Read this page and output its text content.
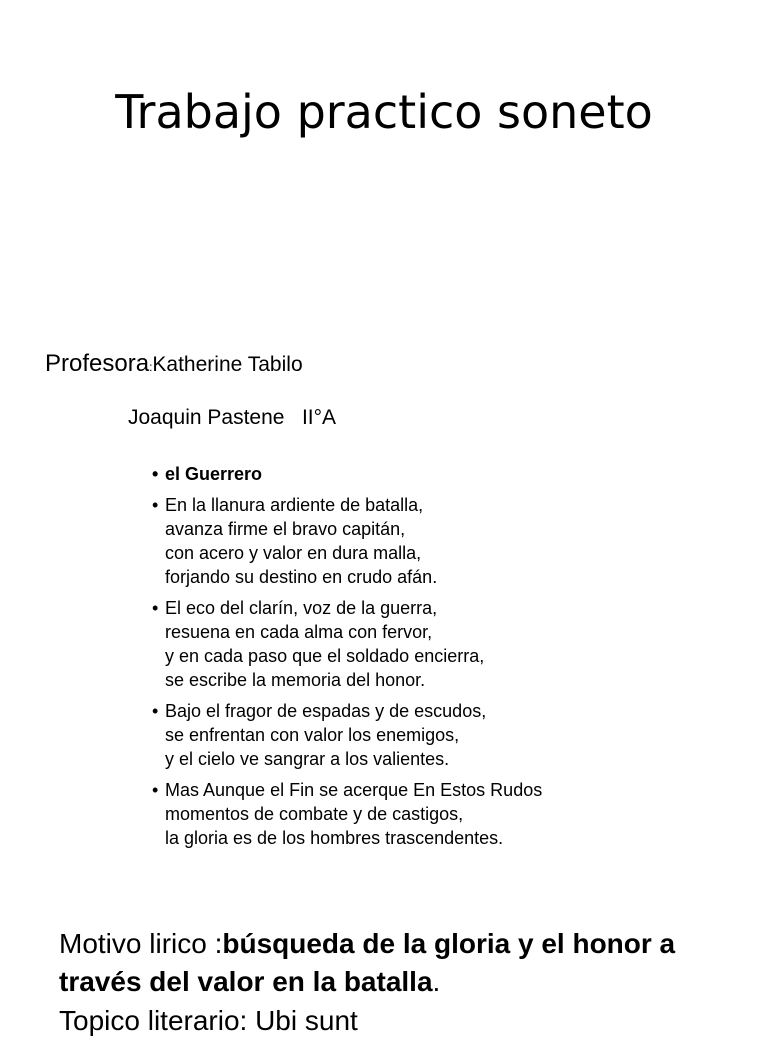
Trabajo practico soneto
Profesora:Katherine Tabilo
Joaquin Pastene   II°A
• el Guerrero
• En la llanura ardiente de batalla,
avanza firme el bravo capitán,
con acero y valor en dura malla,
forjando su destino en crudo afán.
• El eco del clarín, voz de la guerra,
resuena en cada alma con fervor,
y en cada paso que el soldado encierra,
se escribe la memoria del honor.
• Bajo el fragor de espadas y de escudos,
se enfrentan con valor los enemigos,
y el cielo ve sangrar a los valientes.
• Mas Aunque el Fin se acerque En Estos Rudos
momentos de combate y de castigos,
la gloria es de los hombres trascendentes.
Motivo lirico :búsqueda de la gloria y el honor a través del valor en la batalla.
Topico literario: Ubi sunt
